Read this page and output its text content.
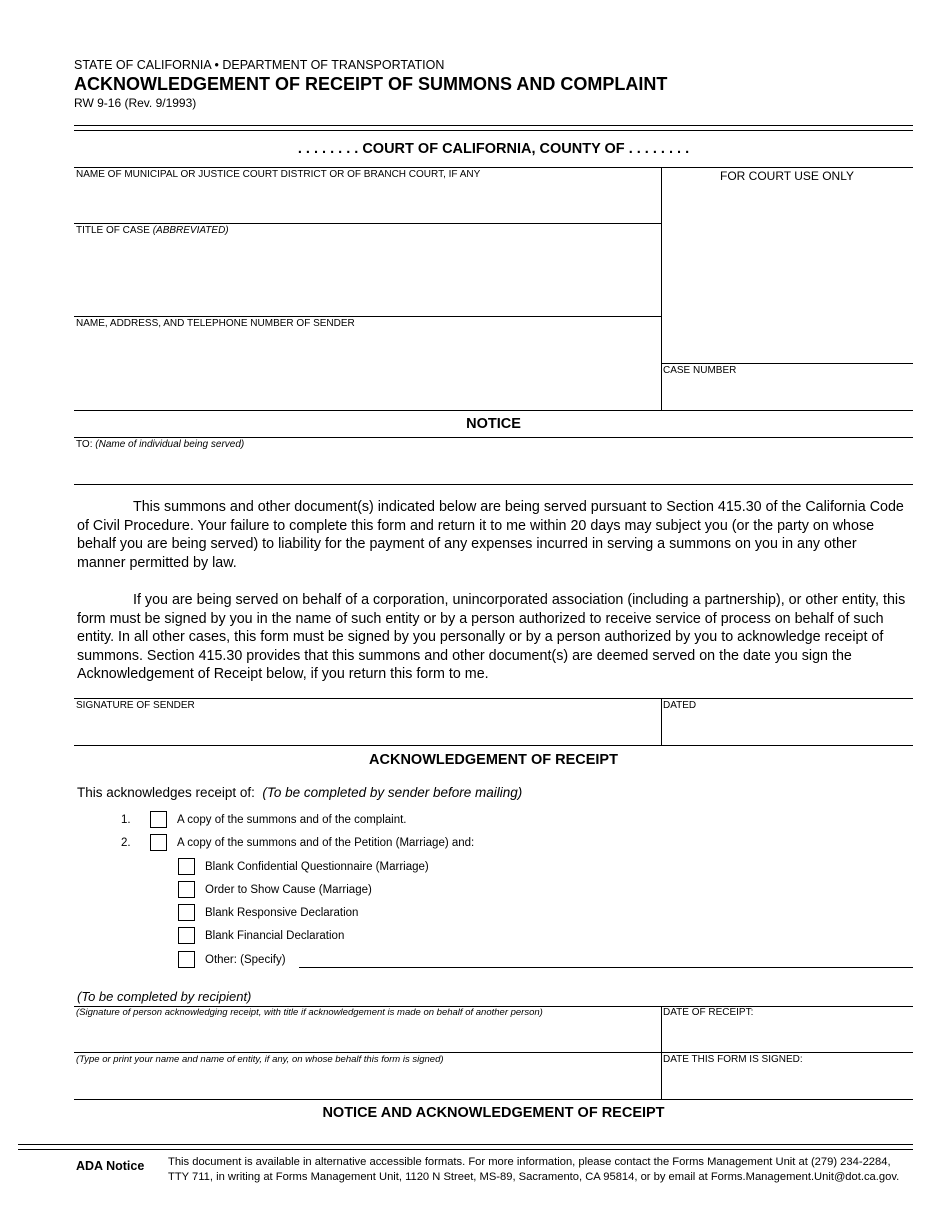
STATE OF CALIFORNIA • DEPARTMENT OF TRANSPORTATION
ACKNOWLEDGEMENT OF RECEIPT OF SUMMONS AND COMPLAINT
RW 9-16 (Rev. 9/1993)
. . . . . . . . COURT OF CALIFORNIA, COUNTY OF . . . . . . . .
NAME OF MUNICIPAL OR JUSTICE COURT DISTRICT OR OF BRANCH COURT, IF ANY	FOR COURT USE ONLY
TITLE OF CASE (ABBREVIATED)
NAME, ADDRESS, AND TELEPHONE NUMBER OF SENDER
CASE NUMBER
NOTICE
TO: (Name of individual being served)
This summons and other document(s) indicated below are being served pursuant to Section 415.30 of the California Code of Civil Procedure. Your failure to complete this form and return it to me within 20 days may subject you (or the party on whose behalf you are being served) to liability for the payment of any expenses incurred in serving a summons on you in any other manner permitted by law.
If you are being served on behalf of a corporation, unincorporated association (including a partnership), or other entity, this form must be signed by you in the name of such entity or by a person authorized to receive service of process on behalf of such entity. In all other cases, this form must be signed by you personally or by a person authorized by you to acknowledge receipt of summons. Section 415.30 provides that this summons and other document(s) are deemed served on the date you sign the Acknowledgement of Receipt below, if you return this form to me.
SIGNATURE OF SENDER	DATED
ACKNOWLEDGEMENT OF RECEIPT
This acknowledges receipt of: (To be completed by sender before mailing)
1.	A copy of the summons and of the complaint.
2.	A copy of the summons and of the Petition (Marriage) and:
Blank Confidential Questionnaire (Marriage)
Order to Show Cause (Marriage)
Blank Responsive Declaration
Blank Financial Declaration
Other: (Specify)
(To be completed by recipient)
(Signature of person acknowledging receipt, with title if acknowledgement is made on behalf of another person)	DATE OF RECEIPT:
(Type or print your name and name of entity, if any, on whose behalf this form is signed)	DATE THIS FORM IS SIGNED:
NOTICE AND ACKNOWLEDGEMENT OF RECEIPT
ADA Notice This document is available in alternative accessible formats. For more information, please contact the Forms Management Unit at (279) 234-2284,
TTY 711, in writing at Forms Management Unit, 1120 N Street, MS-89, Sacramento, CA 95814, or by email at Forms.Management.Unit@dot.ca.gov.
